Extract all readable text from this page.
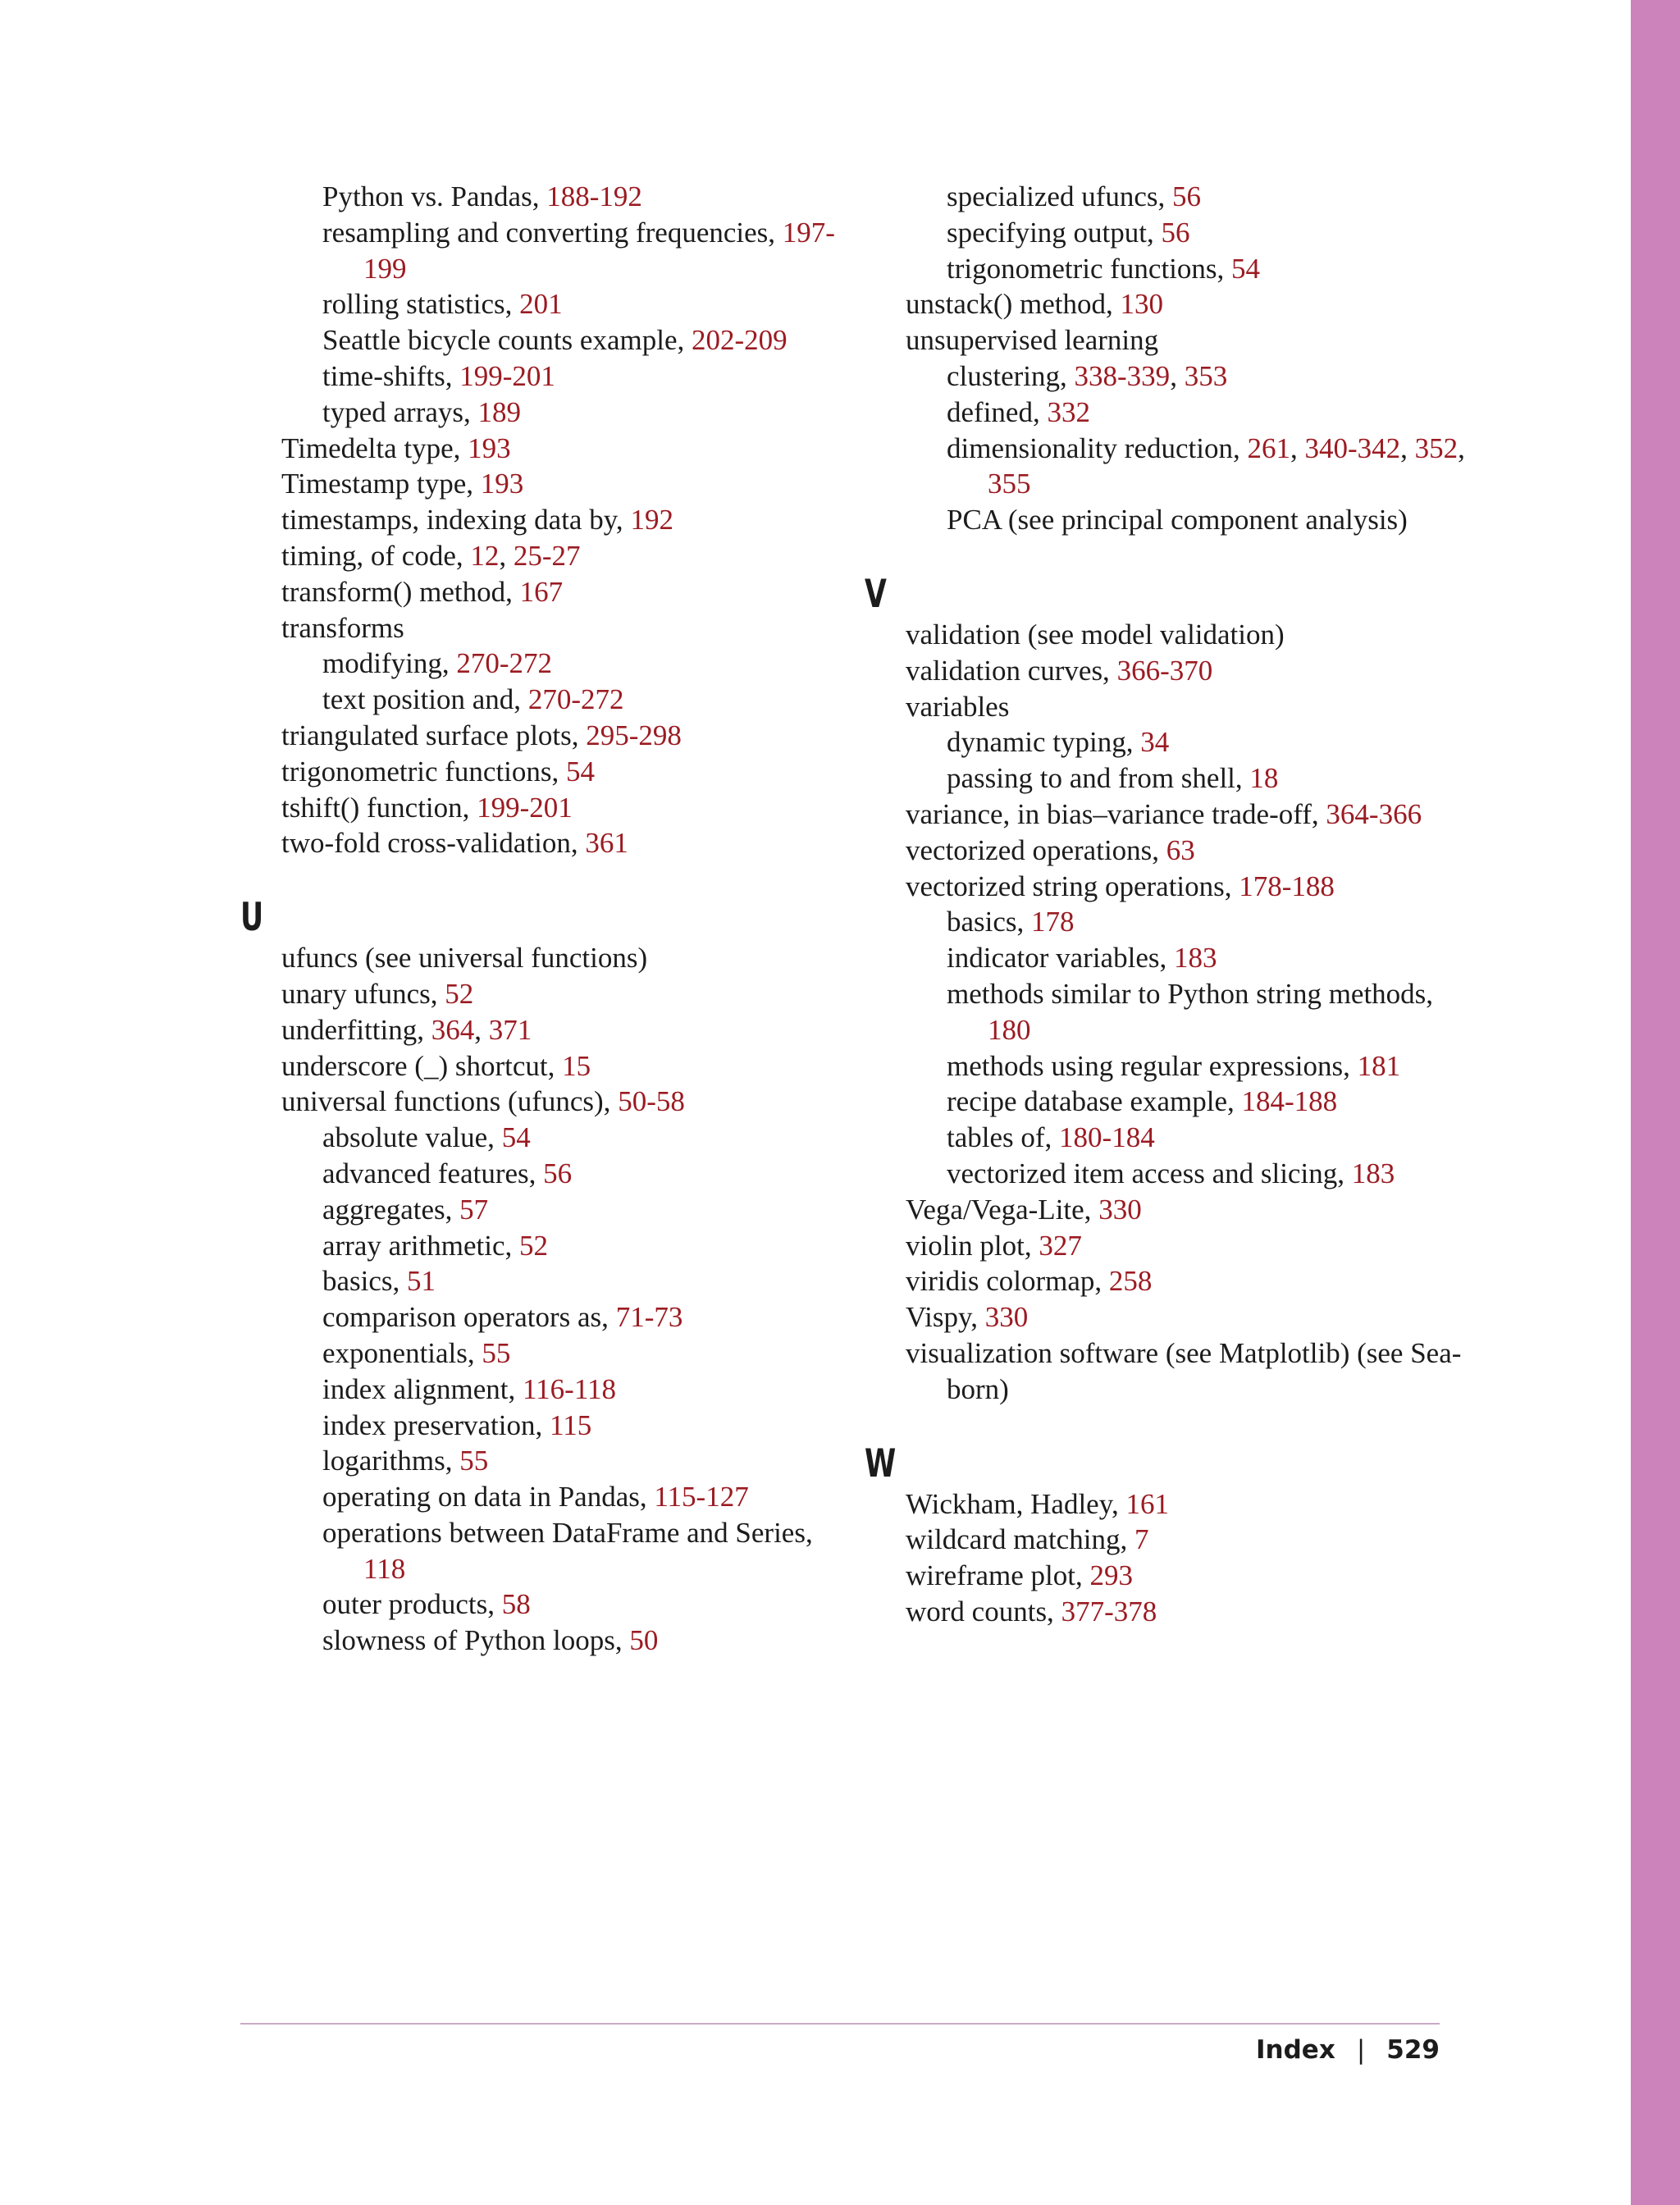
Python vs. Pandas, 188-192
resampling and converting frequencies, 197-199
rolling statistics, 201
Seattle bicycle counts example, 202-209
time-shifts, 199-201
typed arrays, 189
Timedelta type, 193
Timestamp type, 193
timestamps, indexing data by, 192
timing, of code, 12, 25-27
transform() method, 167
transforms
modifying, 270-272
text position and, 270-272
triangulated surface plots, 295-298
trigonometric functions, 54
tshift() function, 199-201
two-fold cross-validation, 361
U
ufuncs (see universal functions)
unary ufuncs, 52
underfitting, 364, 371
underscore (_) shortcut, 15
universal functions (ufuncs), 50-58
absolute value, 54
advanced features, 56
aggregates, 57
array arithmetic, 52
basics, 51
comparison operators as, 71-73
exponentials, 55
index alignment, 116-118
index preservation, 115
logarithms, 55
operating on data in Pandas, 115-127
operations between DataFrame and Series, 118
outer products, 58
slowness of Python loops, 50
specialized ufuncs, 56
specifying output, 56
trigonometric functions, 54
unstack() method, 130
unsupervised learning
clustering, 338-339, 353
defined, 332
dimensionality reduction, 261, 340-342, 352, 355
PCA (see principal component analysis)
V
validation (see model validation)
validation curves, 366-370
variables
dynamic typing, 34
passing to and from shell, 18
variance, in bias–variance trade-off, 364-366
vectorized operations, 63
vectorized string operations, 178-188
basics, 178
indicator variables, 183
methods similar to Python string methods, 180
methods using regular expressions, 181
recipe database example, 184-188
tables of, 180-184
vectorized item access and slicing, 183
Vega/Vega-Lite, 330
violin plot, 327
viridis colormap, 258
Vispy, 330
visualization software (see Matplotlib) (see Sea‐born)
W
Wickham, Hadley, 161
wildcard matching, 7
wireframe plot, 293
word counts, 377-378
Index | 529
